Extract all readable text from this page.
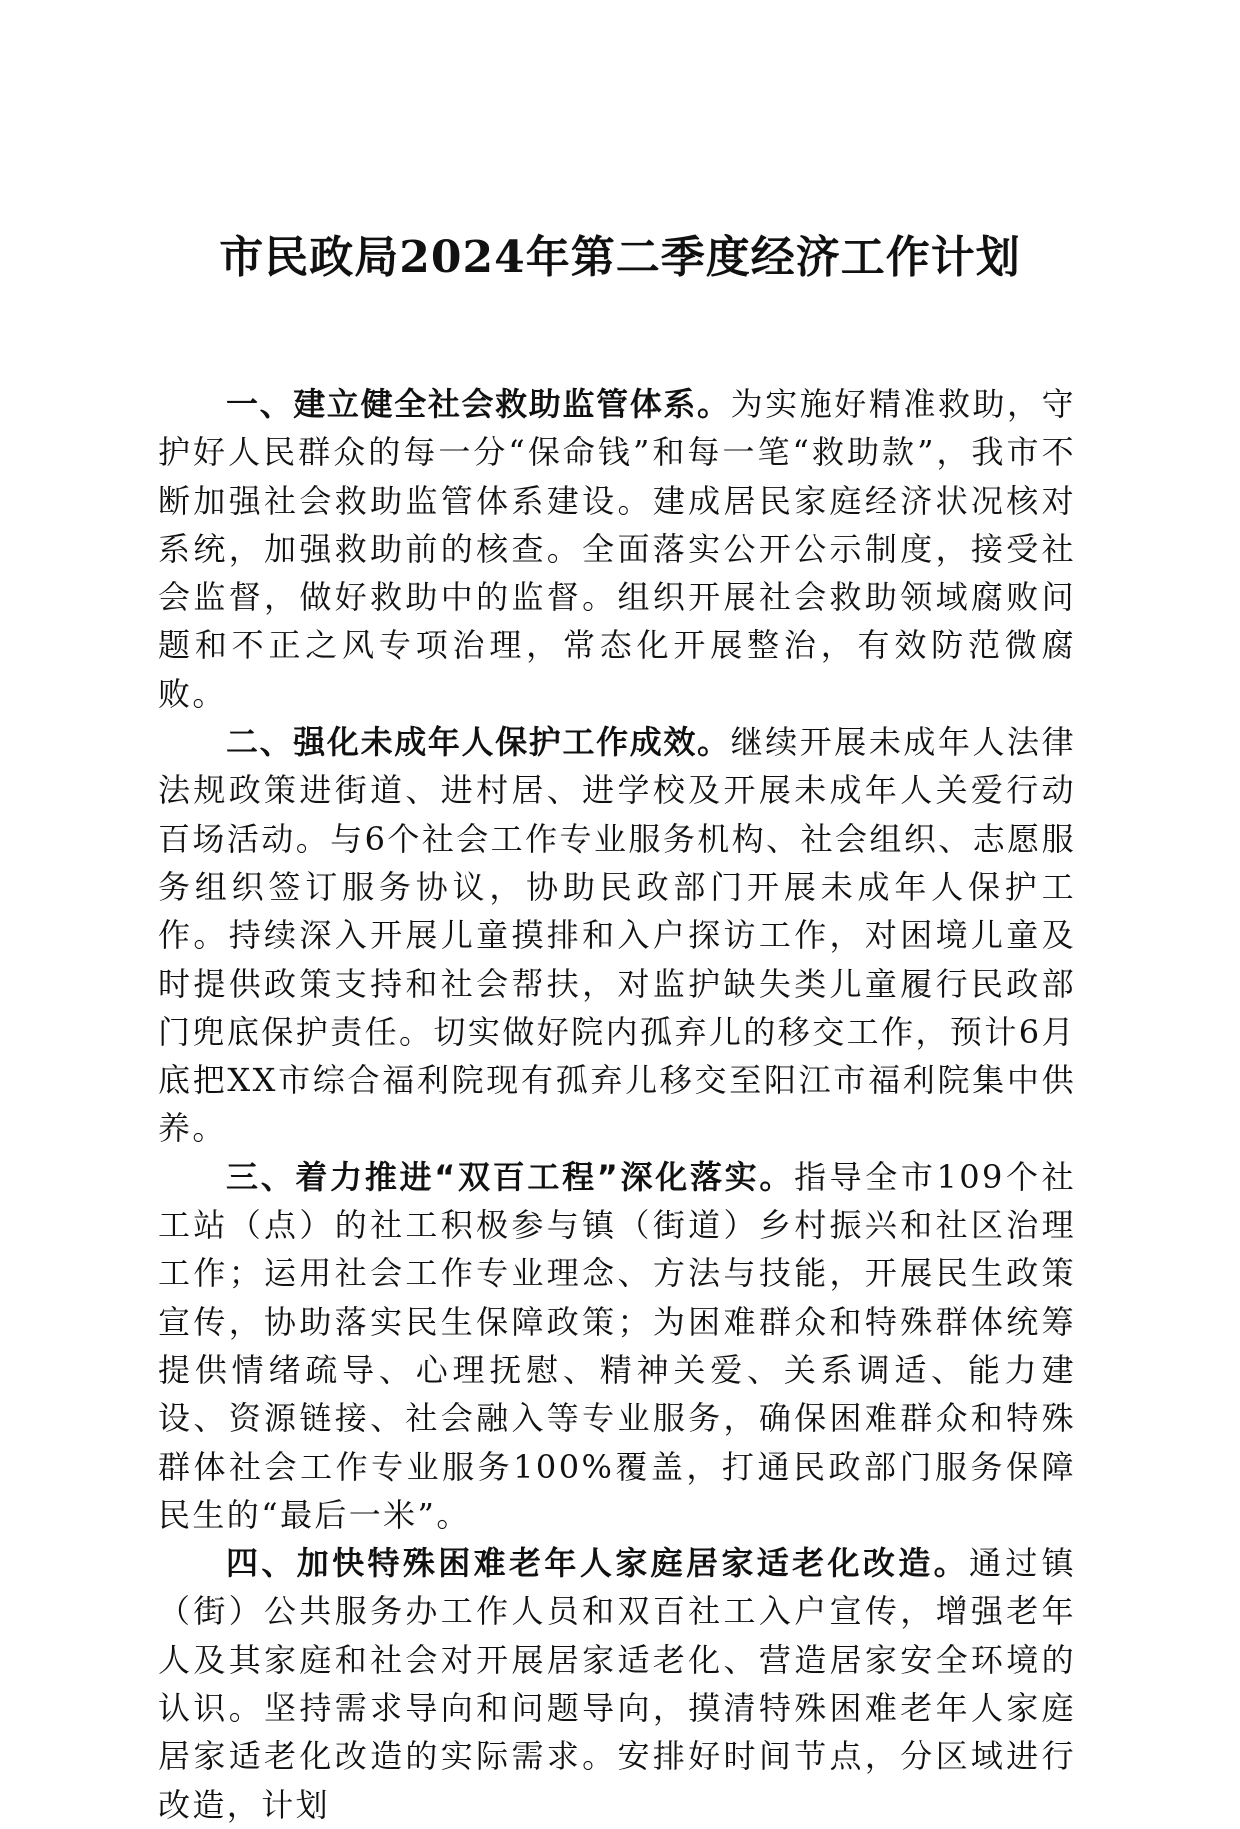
市民政局2024年第二季度经济工作计划

一、建立健全社会救助监管体系。为实施好精准救助，守护好人民群众的每一分“保命钱”和每一笔“救助款”，我市不断加强社会救助监管体系建设。建成居民家庭经济状况核对系统，加强救助前的核查。全面落实公开公示制度，接受社会监督，做好救助中的监督。组织开展社会救助领域腐败问题和不正之风专项治理，常态化开展整治，有效防范微腐败。

二、强化未成年人保护工作成效。继续开展未成年人法律法规政策进街道、进村居、进学校及开展未成年人关爱行动百场活动。与6个社会工作专业服务机构、社会组织、志愿服务组织签订服务协议，协助民政部门开展未成年人保护工作。持续深入开展儿童摸排和入户探访工作，对困境儿童及时提供政策支持和社会帮扶，对监护缺失类儿童履行民政部门兜底保护责任。切实做好院内孤弃儿的移交工作，预计6月底把XX市综合福利院现有孤弃儿移交至阳江市福利院集中供养。

三、着力推进“双百工程”深化落实。指导全市109个社工站（点）的社工积极参与镇（街道）乡村振兴和社区治理工作；运用社会工作专业理念、方法与技能，开展民生政策宣传，协助落实民生保障政策；为困难群众和特殊群体统筹提供情绪疏导、心理抚慰、精神关爱、关系调适、能力建设、资源链接、社会融入等专业服务，确保困难群众和特殊群体社会工作专业服务100%覆盖，打通民政部门服务保障民生的“最后一米”。

四、加快特殊困难老年人家庭居家适老化改造。通过镇（街）公共服务办工作人员和双百社工入户宣传，增强老年人及其家庭和社会对开展居家适老化、营造居家安全环境的认识。坚持需求导向和问题导向，摸清特殊困难老年人家庭居家适老化改造的实际需求。安排好时间节点，分区域进行改造，计划
